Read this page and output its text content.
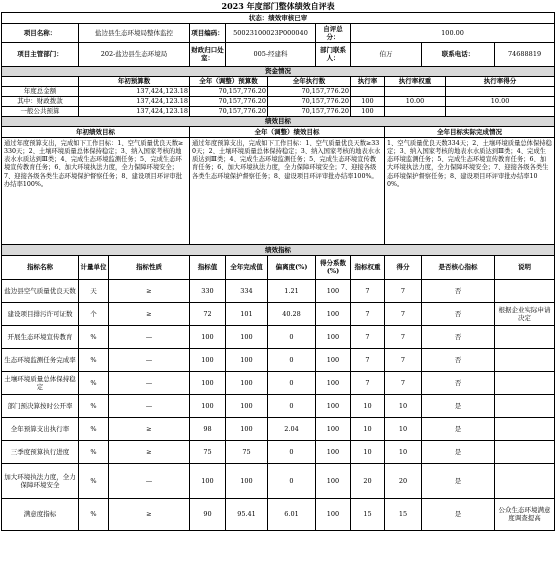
2023 年度部门整体绩效自评表											
状态：绩效审核已审											
项目名称：	盐边县生态环境局整体监控		项目编码：	50023100023P000040		自评总分：	100.00				
项目主管部门：	202-盐边县生态环境局		财政归口处室：	005-经建科		部门联系人：	伯万		联系电话：		74688819
资金情况											
	年初预算数		全年（调整）预算数		全年执行数		执行率	执行率权重		执行率得分	
年度总金额	137,424,123.18		70,157,776.20		70,157,776.20						
其中：财政拨款	137,424,123.18		70,157,776.20		70,157,776.20		100	10.00		10.00	
一般公共预算	137,424,123.18		70,157,776.20		70,157,776.20		100				
绩效目标											
年初绩效目标			全年（调整）绩效目标					全年目标实际完成情况			
通过年度预算支出，完成如下工作目标：1、空气质量优良天数≥330天；2、土壤环境质量总体保持稳定；3、纳入国家考核的地表水水质达到Ⅲ类；4、完成生态环境监测任务；5、完成生态环境宣传教育任务；6、加大环境执法力度，全力保障环境安全；7、迎接各级各类生态环境保护督察任务；8、建设项目环评审批办结率100%。			通过年度预算支出，完成如下工作目标：1、空气质量优良天数≥330天；2、土壤环境质量总体保持稳定；3、纳入国家考核的地表水水质达到Ⅲ类；4、完成生态环境监测任务；5、完成生态环境宣传教育任务；6、加大环境执法力度，全力保障环境安全；7、迎接各级各类生态环境保护督察任务；8、建设项目环评审批办结率100%。					1、空气质量优良天数334天；2、土壤环境质量总体保持稳定；3、纳入国家考核的地表水水质达到Ⅲ类；4、完成生态环境监测任务；5、完成生态环境宣传教育任务；6、加大环境执法力度，全力保障环境安全；7、迎接各级各类生态环境保护督察任务；8、建设项目环评审批办结率100%。			
绩效指标											
指标名称	计量单位	指标性质	指标值	全年完成值	偏离度(%)	得分系数(%)	指标权重	得分	是否核心指标		说明
盐边县空气质量优良天数	天	≥	330	334	1.21	100	7	7	否		
建设项目排污许可证数	个	≥	72	101	40.28	100	7	7	否		根据企业实际申请决定
开展生态环境宣传教育	%	—	100	100	0	100	7	7	否		
生态环境监测任务完成率	%	—	100	100	0	100	7	7	否		
土壤环境质量总体保持稳定	%	—	100	100	0	100	7	7	否		
部门预决算按时公开率	%	—	100	100	0	100	10	10	是		
全年预算支出执行率	%	≥	98	100	2.04	100	10	10	是		
三季度预算执行进度	%	≥	75	75	0	100	10	10	是		
加大环境执法力度，全力保障环境安全	%	—	100	100	0	100	20	20	是		
满意度指标	%	≥	90	95.41	6.01	100	15	15	是		公众生态环境满意度调查提高
